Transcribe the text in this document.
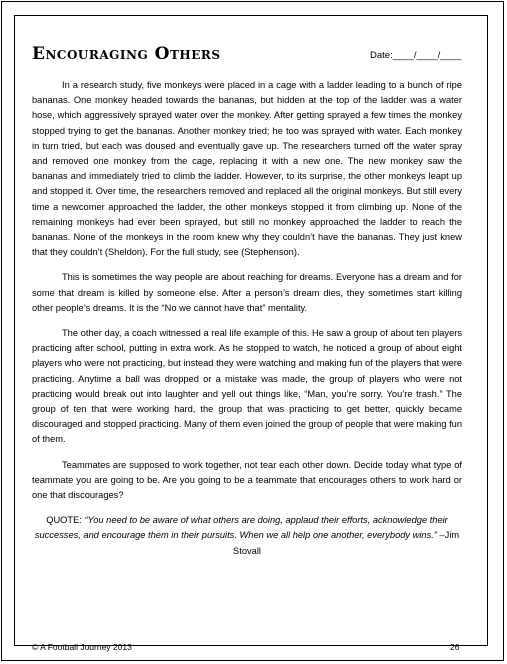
Encouraging Others	Date:____/____/____

In a research study, five monkeys were placed in a cage with a ladder leading to a bunch of ripe bananas. One monkey headed towards the bananas, but hidden at the top of the ladder was a water hose, which aggressively sprayed water over the monkey. After getting sprayed a few times the monkey stopped trying to get the bananas. Another monkey tried; he too was sprayed with water. Each monkey in turn tried, but each was doused and eventually gave up. The researchers turned off the water spray and removed one monkey from the cage, replacing it with a new one. The new monkey saw the bananas and immediately tried to climb the ladder. However, to its surprise, the other monkeys leapt up and stopped it. Over time, the researchers removed and replaced all the original monkeys. But still every time a newcomer approached the ladder, the other monkeys stopped it from climbing up. None of the remaining monkeys had ever been sprayed, but still no monkey approached the ladder to reach the bananas. None of the monkeys in the room knew why they couldn’t have the bananas. They just knew that they couldn’t (Sheldon). For the full study, see (Stephenson).

This is sometimes the way people are about reaching for dreams. Everyone has a dream and for some that dream is killed by someone else. After a person’s dream dies, they sometimes start killing other people’s dreams. It is the “No we cannot have that” mentality.

The other day, a coach witnessed a real life example of this. He saw a group of about ten players practicing after school, putting in extra work. As he stopped to watch, he noticed a group of about eight players who were not practicing, but instead they were watching and making fun of the players that were practicing. Anytime a ball was dropped or a mistake was made, the group of players who were not practicing would break out into laughter and yell out things like, “Man, you’re sorry. You’re trash.” The group of ten that were working hard, the group that was practicing to get better, quickly became discouraged and stopped practicing. Many of them even joined the group of people that were making fun of them.

Teammates are supposed to work together, not tear each other down. Decide today what type of teammate you are going to be. Are you going to be a teammate that encourages others to work hard or one that discourages?

QUOTE: “You need to be aware of what others are doing, applaud their efforts, acknowledge their successes, and encourage them in their pursuits. When we all help one another, everybody wins.” –Jim Stovall

© A Football Journey 2013	26
